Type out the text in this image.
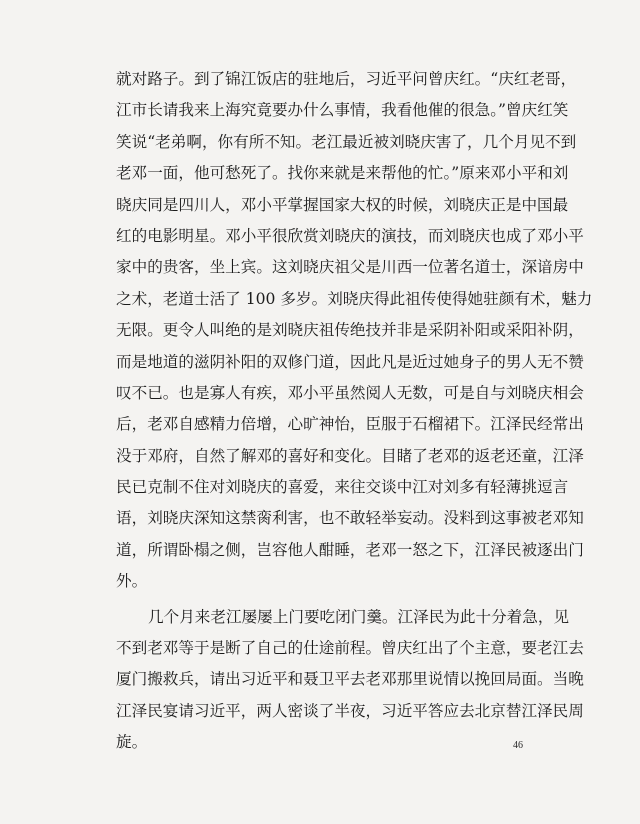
就对路子。到了锦江饭店的驻地后，习近平问曾庆红。“庆红老哥，
江市长请我来上海究竟要办什么事情，我看他催的很急。”曾庆红笑
笑说“老弟啊，你有所不知。老江最近被刘晓庆害了，几个月见不到
老邓一面，他可愁死了。找你来就是来帮他的忙。”原来邓小平和刘
晓庆同是四川人，邓小平掌握国家大权的时候，刘晓庆正是中国最
红的电影明星。邓小平很欣赏刘晓庆的演技，而刘晓庆也成了邓小平
家中的贵客，坐上宾。这刘晓庆祖父是川西一位著名道士，深谙房中
之术，老道士活了 100 多岁。刘晓庆得此祖传使得她驻颜有术，魅力
无限。更令人叫绝的是刘晓庆祖传绝技并非是采阴补阳或采阳补阴，
而是地道的滋阴补阳的双修门道，因此凡是近过她身子的男人无不赞
叹不已。也是寡人有疾，邓小平虽然阅人无数，可是自与刘晓庆相会
后，老邓自感精力倍增，心旷神怡，臣服于石榴裙下。江泽民经常出
没于邓府，自然了解邓的喜好和变化。目睹了老邓的返老还童，江泽
民已克制不住对刘晓庆的喜爱，来往交谈中江对刘多有轻薄挑逗言
语，刘晓庆深知这禁脔利害，也不敢轻举妄动。没料到这事被老邓知
道，所谓卧榻之侧，岂容他人酣睡，老邓一怒之下，江泽民被逐出门
外。
几个月来老江屡屡上门要吃闭门羹。江泽民为此十分着急，见
不到老邓等于是断了自己的仕途前程。曾庆红出了个主意，要老江去
厦门搬救兵，请出习近平和聂卫平去老邓那里说情以挽回局面。当晚
江泽民宴请习近平，两人密谈了半夜，习近平答应去北京替江泽民周
旋。	46
